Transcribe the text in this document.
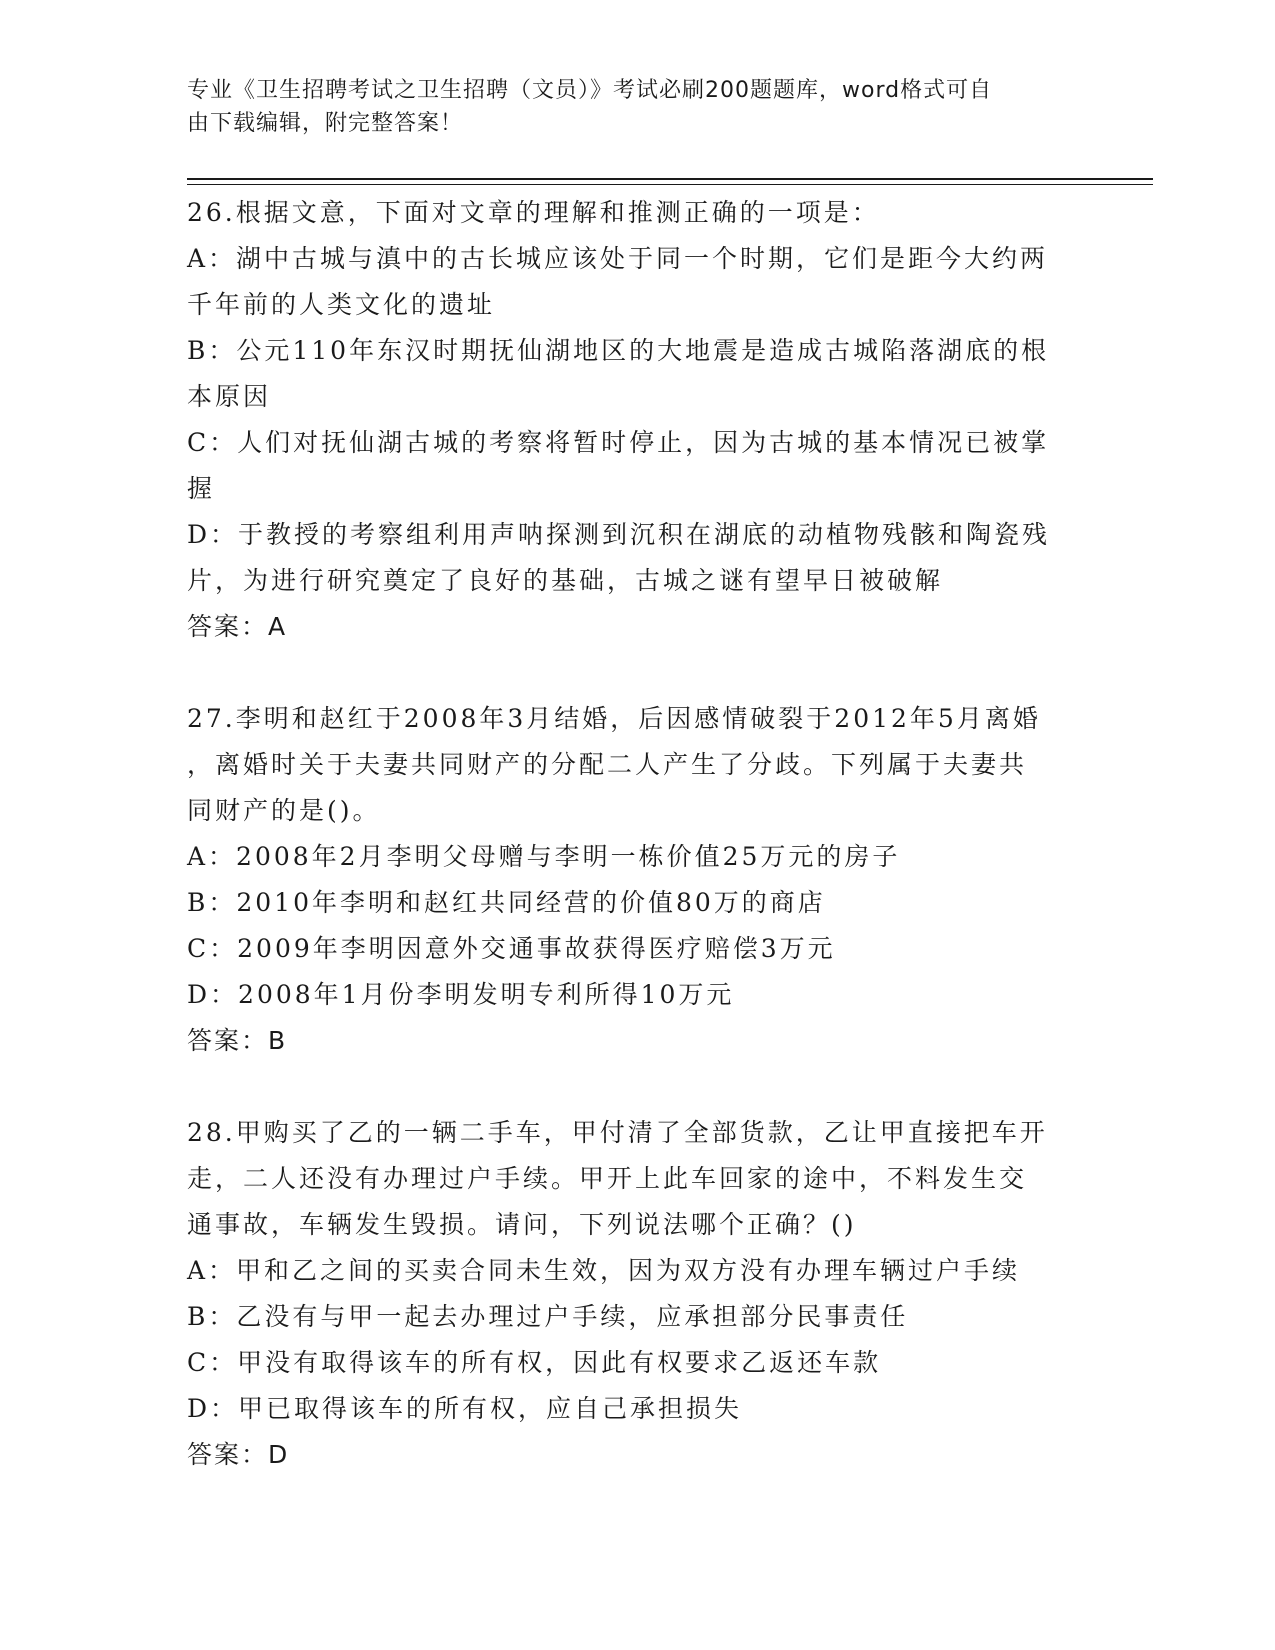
专业《卫生招聘考试之卫生招聘（文员）》考试必刷200题题库，word格式可自
由下载编辑，附完整答案！

26.根据文意，下面对文章的理解和推测正确的一项是：

A：湖中古城与滇中的古长城应该处于同一个时期，它们是距今大约两

千年前的人类文化的遗址

B：公元110年东汉时期抚仙湖地区的大地震是造成古城陷落湖底的根

本原因

C：人们对抚仙湖古城的考察将暂时停止，因为古城的基本情况已被掌

握

D：于教授的考察组利用声呐探测到沉积在湖底的动植物残骸和陶瓷残

片，为进行研究奠定了良好的基础，古城之谜有望早日被破解

答案：A

27.李明和赵红于2008年3月结婚，后因感情破裂于2012年5月离婚

，离婚时关于夫妻共同财产的分配二人产生了分歧。下列属于夫妻共

同财产的是()。

A：2008年2月李明父母赠与李明一栋价值25万元的房子

B：2010年李明和赵红共同经营的价值80万的商店

C：2009年李明因意外交通事故获得医疗赔偿3万元

D：2008年1月份李明发明专利所得10万元

答案：B

28.甲购买了乙的一辆二手车，甲付清了全部货款，乙让甲直接把车开

走，二人还没有办理过户手续。甲开上此车回家的途中，不料发生交

通事故，车辆发生毁损。请问，下列说法哪个正确？()

A：甲和乙之间的买卖合同未生效，因为双方没有办理车辆过户手续

B：乙没有与甲一起去办理过户手续，应承担部分民事责任

C：甲没有取得该车的所有权，因此有权要求乙返还车款

D：甲已取得该车的所有权，应自己承担损失

答案：D
